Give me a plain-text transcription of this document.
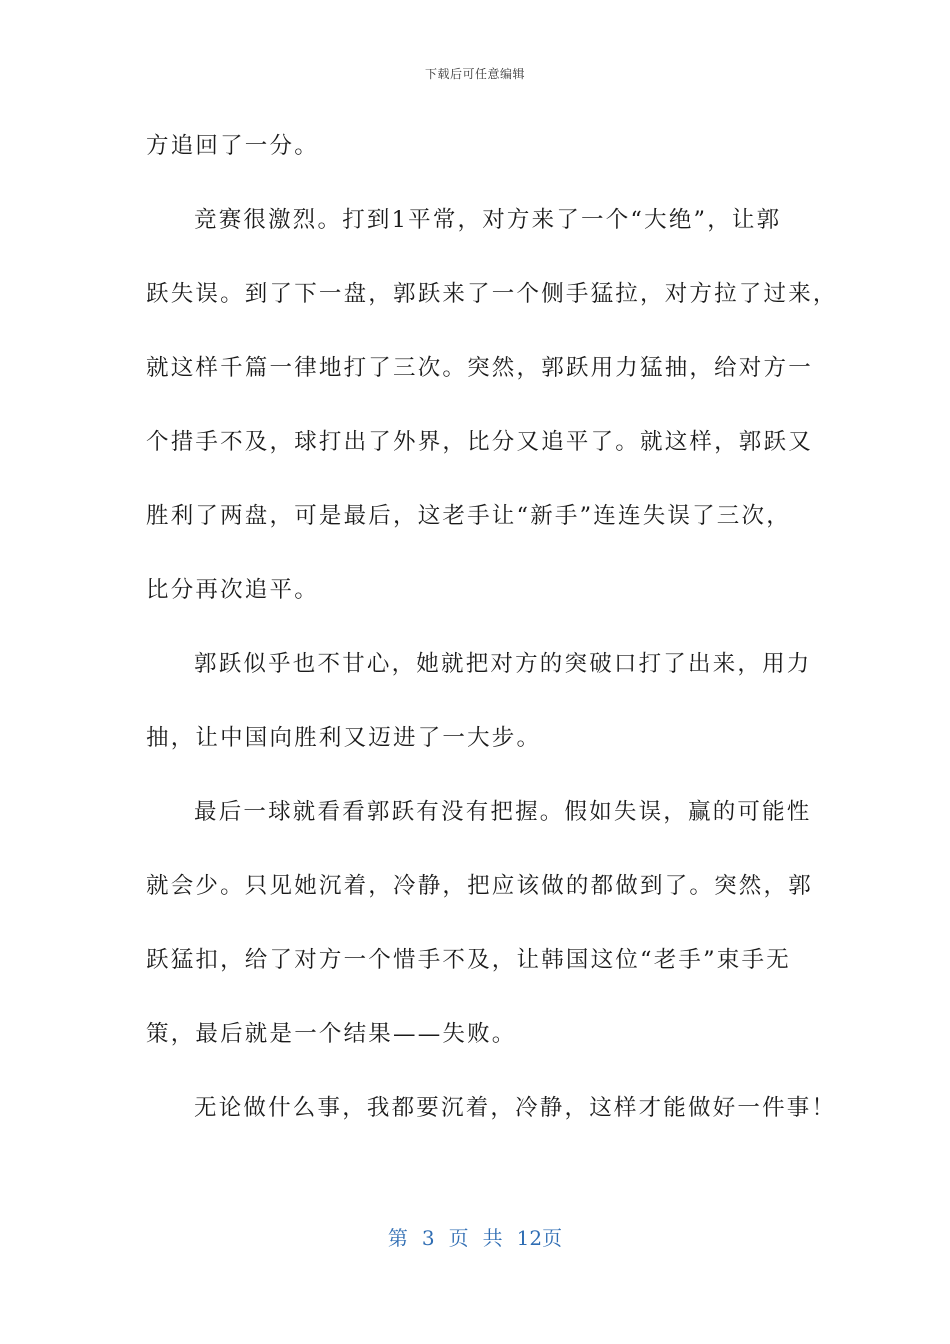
下载后可任意编辑
方追回了一分。
竞赛很激烈。打到1平常，对方来了一个“大绝”，让郭
跃失误。到了下一盘，郭跃来了一个侧手猛拉，对方拉了过来，
就这样千篇一律地打了三次。突然，郭跃用力猛抽，给对方一
个措手不及，球打出了外界，比分又追平了。就这样，郭跃又
胜利了两盘，可是最后，这老手让“新手”连连失误了三次，
比分再次追平。
郭跃似乎也不甘心，她就把对方的突破口打了出来，用力
抽，让中国向胜利又迈进了一大步。
最后一球就看看郭跃有没有把握。假如失误，赢的可能性
就会少。只见她沉着，冷静，把应该做的都做到了。突然，郭
跃猛扣，给了对方一个惜手不及，让韩国这位“老手”束手无
策，最后就是一个结果——失败。
无论做什么事，我都要沉着，冷静，这样才能做好一件事！
第 3 页 共 12页
